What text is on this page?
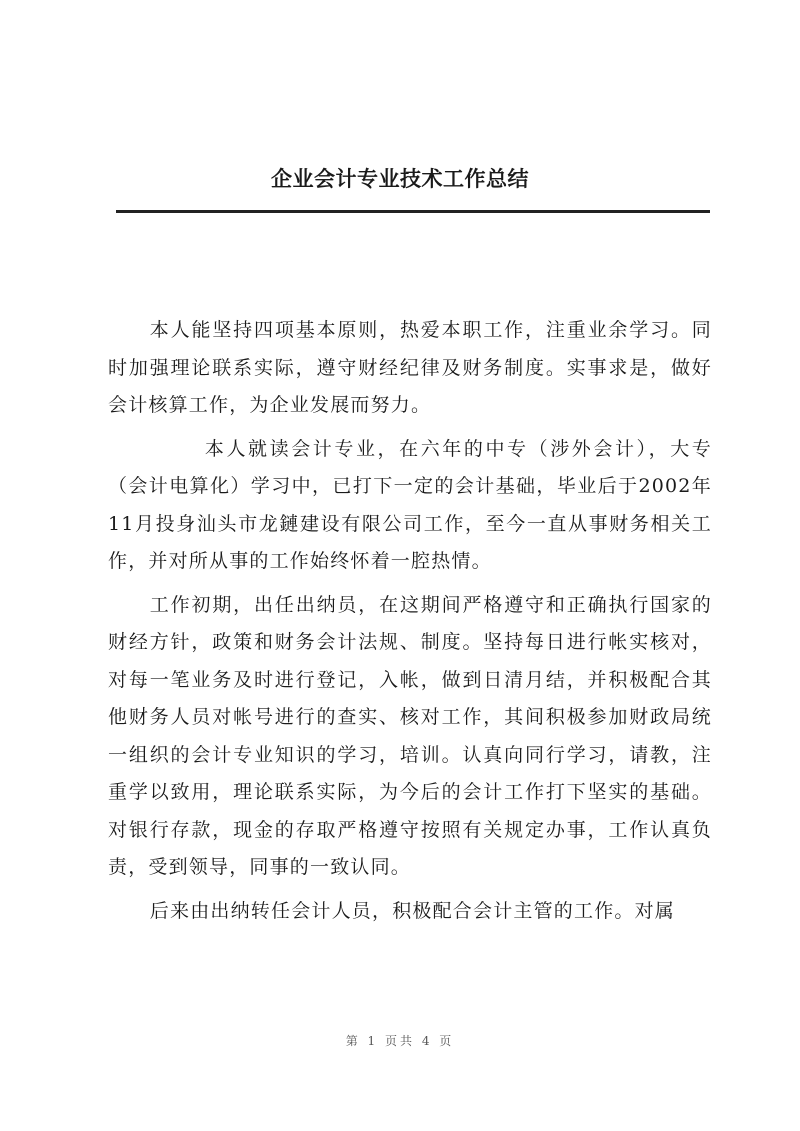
企业会计专业技术工作总结

本人能坚持四项基本原则，热爱本职工作，注重业余学习。同时加强理论联系实际，遵守财经纪律及财务制度。实事求是，做好会计核算工作，为企业发展而努力。

本人就读会计专业，在六年的中专（涉外会计），大专（会计电算化）学习中，已打下一定的会计基础，毕业后于2002年11月投身汕头市龙鏈建设有限公司工作，至今一直从事财务相关工作，并对所从事的工作始终怀着一腔热情。

工作初期，出任出纳员，在这期间严格遵守和正确执行国家的财经方针，政策和财务会计法规、制度。坚持每日进行帐实核对，对每一笔业务及时进行登记，入帐，做到日清月结，并积极配合其他财务人员对帐号进行的查实、核对工作，其间积极参加财政局统一组织的会计专业知识的学习，培训。认真向同行学习，请教，注重学以致用，理论联系实际，为今后的会计工作打下坚实的基础。对银行存款，现金的存取严格遵守按照有关规定办事，工作认真负责，受到领导，同事的一致认同。

后来由出纳转任会计人员，积极配合会计主管的工作。对属

第 1 页共 4 页
